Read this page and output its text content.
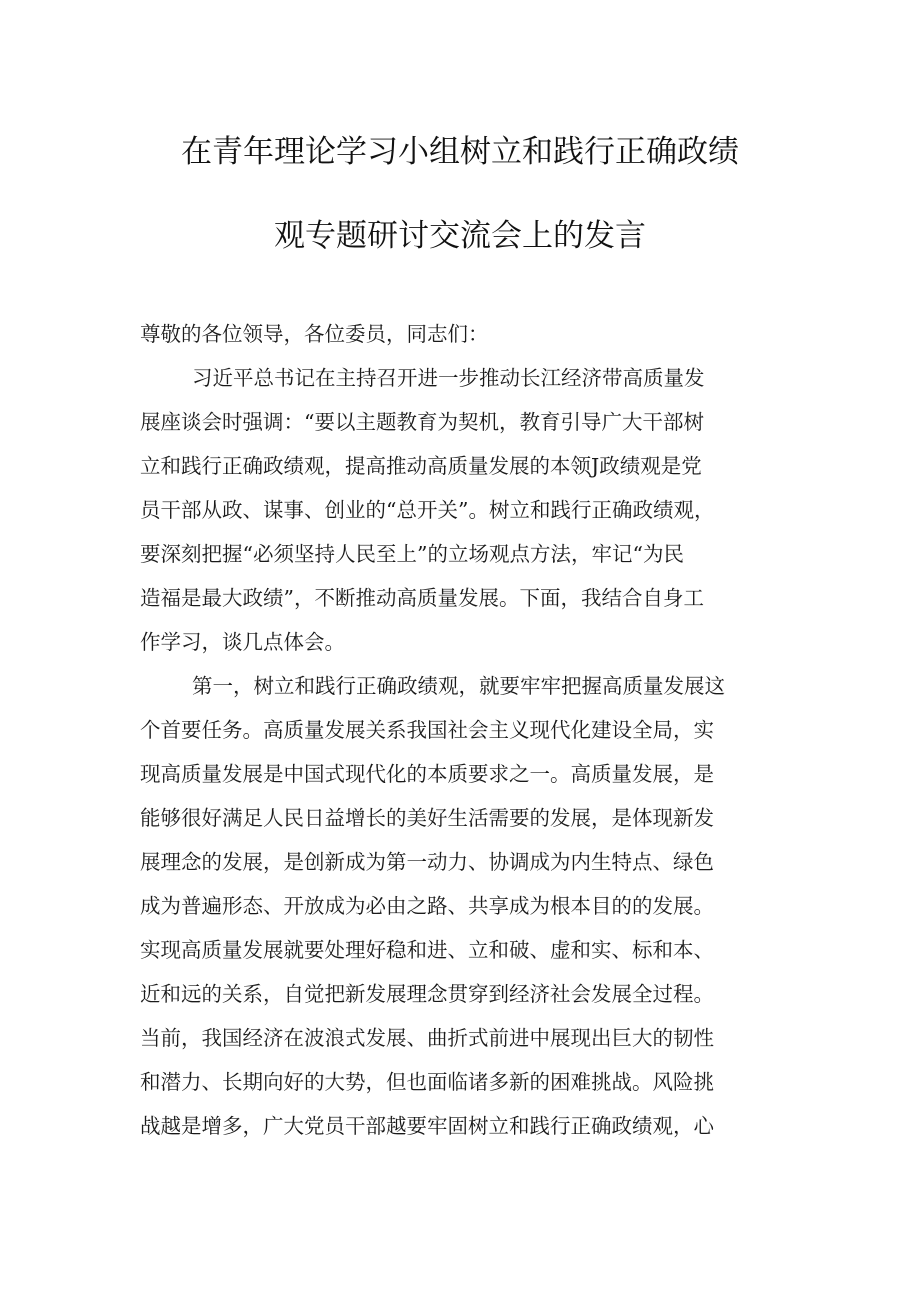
在青年理论学习小组树立和践行正确政绩
观专题研讨交流会上的发言
尊敬的各位领导，各位委员，同志们：
习近平总书记在主持召开进一步推动长江经济带高质量发
展座谈会时强调：“要以主题教育为契机，教育引导广大干部树
立和践行正确政绩观，提高推动高质量发展的本领J政绩观是党
员干部从政、谋事、创业的“总开关”。树立和践行正确政绩观，
要深刻把握“必须坚持人民至上”的立场观点方法，牢记“为民
造福是最大政绩”，不断推动高质量发展。下面，我结合自身工
作学习，谈几点体会。
第一，树立和践行正确政绩观，就要牢牢把握高质量发展这
个首要任务。高质量发展关系我国社会主义现代化建设全局，实
现高质量发展是中国式现代化的本质要求之一。高质量发展，是
能够很好满足人民日益增长的美好生活需要的发展，是体现新发
展理念的发展，是创新成为第一动力、协调成为内生特点、绿色
成为普遍形态、开放成为必由之路、共享成为根本目的的发展。
实现高质量发展就要处理好稳和进、立和破、虚和实、标和本、
近和远的关系，自觉把新发展理念贯穿到经济社会发展全过程。
当前，我国经济在波浪式发展、曲折式前进中展现出巨大的韧性
和潜力、长期向好的大势，但也面临诸多新的困难挑战。风险挑
战越是增多，广大党员干部越要牢固树立和践行正确政绩观，心
